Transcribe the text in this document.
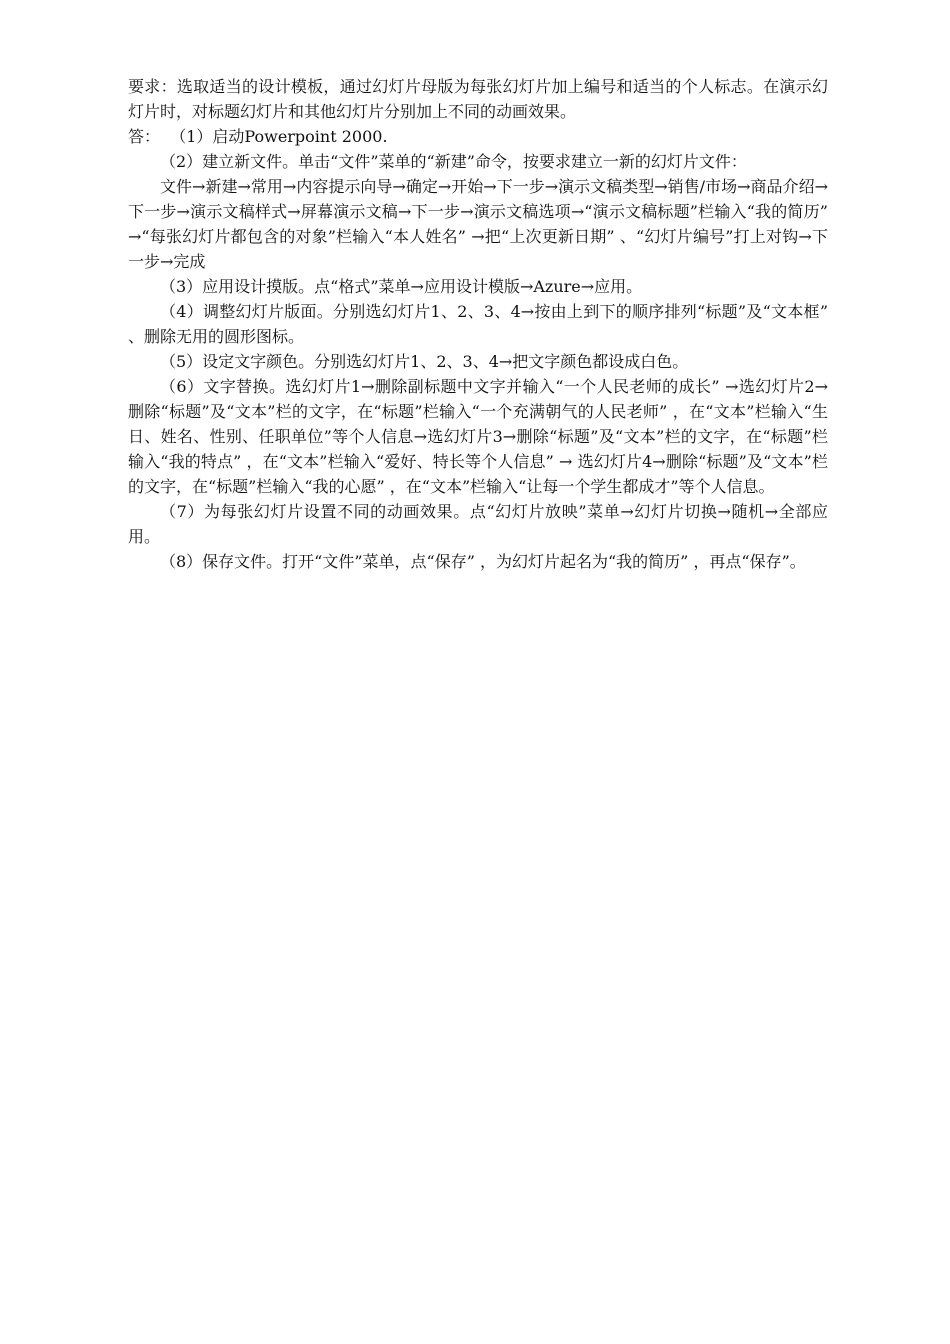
要求：选取适当的设计模板，通过幻灯片母版为每张幻灯片加上编号和适当的个人标志。在演示幻灯片时，对标题幻灯片和其他幻灯片分别加上不同的动画效果。

答： （1）启动Powerpoint 2000.

（2）建立新文件。单击“文件”菜单的“新建”命令，按要求建立一新的幻灯片文件：

文件→新建→常用→内容提示向导→确定→开始→下一步→演示文稿类型→销售/市场→商品介绍→下一步→演示文稿样式→屏幕演示文稿→下一步→演示文稿选项→“演示文稿标题”栏输入“我的简历” →“每张幻灯片都包含的对象”栏输入“本人姓名” →把“上次更新日期” 、“幻灯片编号”打上对钩→下一步→完成

（3）应用设计摸版。点“格式”菜单→应用设计模版→Azure→应用。

（4）调整幻灯片版面。分别选幻灯片1、2、3、4→按由上到下的顺序排列“标题”及“文本框” 、删除无用的圆形图标。

（5）设定文字颜色。分别选幻灯片1、2、3、4→把文字颜色都设成白色。

（6）文字替换。选幻灯片1→删除副标题中文字并输入“一个人民老师的成长” →选幻灯片2→删除“标题”及“文本”栏的文字，在“标题”栏输入“一个充满朝气的人民老师” ，在“文本”栏输入“生日、姓名、性别、任职单位”等个人信息→选幻灯片3→删除“标题”及“文本”栏的文字，在“标题”栏输入“我的特点” ，在“文本”栏输入“爱好、特长等个人信息” → 选幻灯片4→删除“标题”及“文本”栏的文字，在“标题”栏输入“我的心愿” ，在“文本”栏输入“让每一个学生都成才”等个人信息。

（7）为每张幻灯片设置不同的动画效果。点“幻灯片放映”菜单→幻灯片切换→随机→全部应用。

（8）保存文件。打开“文件”菜单，点“保存” ，为幻灯片起名为“我的简历” ，再点“保存”。
